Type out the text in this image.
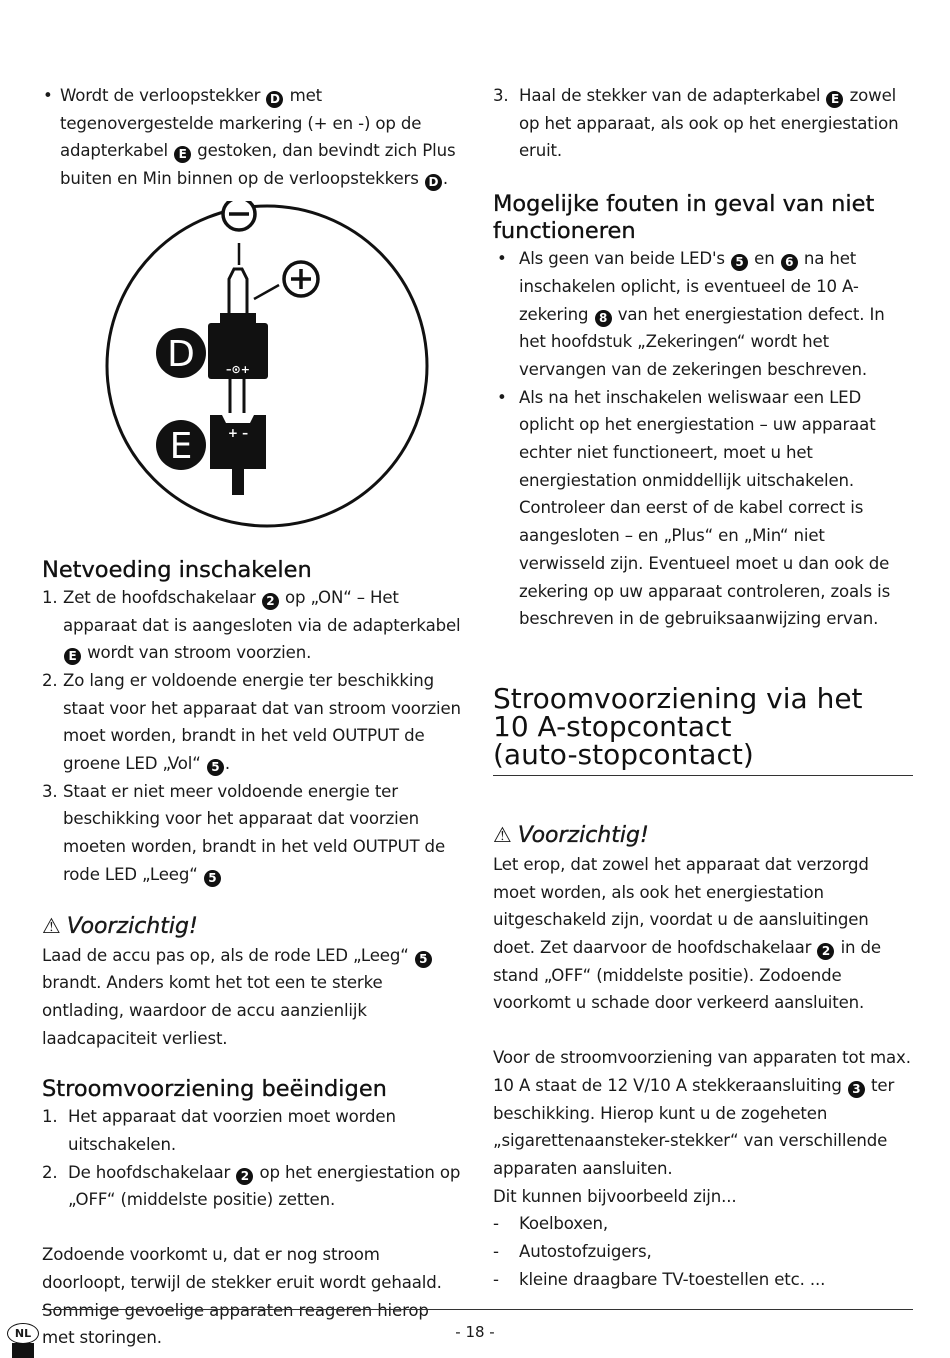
• Wordt de verloopstekker D met tegenovergestelde markering (+ en -) op de adapterkabel E gestoken, dan bevindt zich Plus buiten en Min binnen op de verloopstekkers D .
–⊙+
+ –
D
E
Netvoeding inschakelen
1. Zet de hoofdschakelaar 2 op „ON“ – Het apparaat dat is aangesloten via de adapterkabel E wordt van stroom voorzien.
2. Zo lang er voldoende energie ter beschikking staat voor het apparaat dat van stroom voorzien moet worden, brandt in het veld OUTPUT de groene LED „Vol“ 5 .
3. Staat er niet meer voldoende energie ter beschikking voor het apparaat dat voorzien moeten worden, brandt in het veld OUTPUT de rode LED „Leeg“ 5
⚠ Voorzichtig!

Laad de accu pas op, als de rode LED „Leeg“ 5 brandt. Anders komt het tot een te sterke ontlading, waardoor de accu aanzienlijk laadcapaciteit verliest.

Stroomvoorziening beëindigen
1. Het apparaat dat voorzien moet worden uitschakelen.
2. De hoofdschakelaar 2 op het energiestation op „OFF“ (middelste positie) zetten.

Zodoende voorkomt u, dat er nog stroom doorloopt, terwijl de stekker eruit wordt gehaald. Sommige gevoelige apparaten reageren hierop met storingen.

3. Haal de stekker van de adapterkabel E zowel op het apparaat, als ook op het energiestation eruit.
Mogelijke fouten in geval van niet functioneren
• Als geen van beide LED's 5 en 6 na het inschakelen oplicht, is eventueel de 10 A-zekering 8 van het energiestation defect. In het hoofdstuk „Zekeringen“ wordt het vervangen van de zekeringen beschreven.
• Als na het inschakelen weliswaar een LED oplicht op het energiestation – uw apparaat echter niet functioneert, moet u het energiestation onmiddellijk uitschakelen. Controleer dan eerst of de kabel correct is aangesloten – en „Plus“ en „Min“ niet verwisseld zijn. Eventueel moet u dan ook de zekering op uw apparaat controleren, zoals is beschreven in de gebruiksaanwijzing ervan.
Stroomvoorziening via het
10 A-stopcontact
(auto-stopcontact)
⚠ Voorzichtig!

Let erop, dat zowel het apparaat dat verzorgd moet worden, als ook het energiestation uitgeschakeld zijn, voordat u de aansluitingen doet. Zet daarvoor de hoofdschakelaar 2 in de stand „OFF“ (middelste positie). Zodoende voorkomt u schade door verkeerd aansluiten.

Voor de stroomvoorziening van apparaten tot max. 10 A staat de 12 V/10 A stekkeraansluiting 3 ter beschikking. Hierop kunt u de zogeheten „sigarettenaansteker-stekker“ van verschillende apparaten aansluiten.

Dit kunnen bijvoorbeeld zijn...

- Koelboxen,
- Autostofzuigers,
- kleine draagbare TV-toestellen etc. ...
NL	- 18 -
